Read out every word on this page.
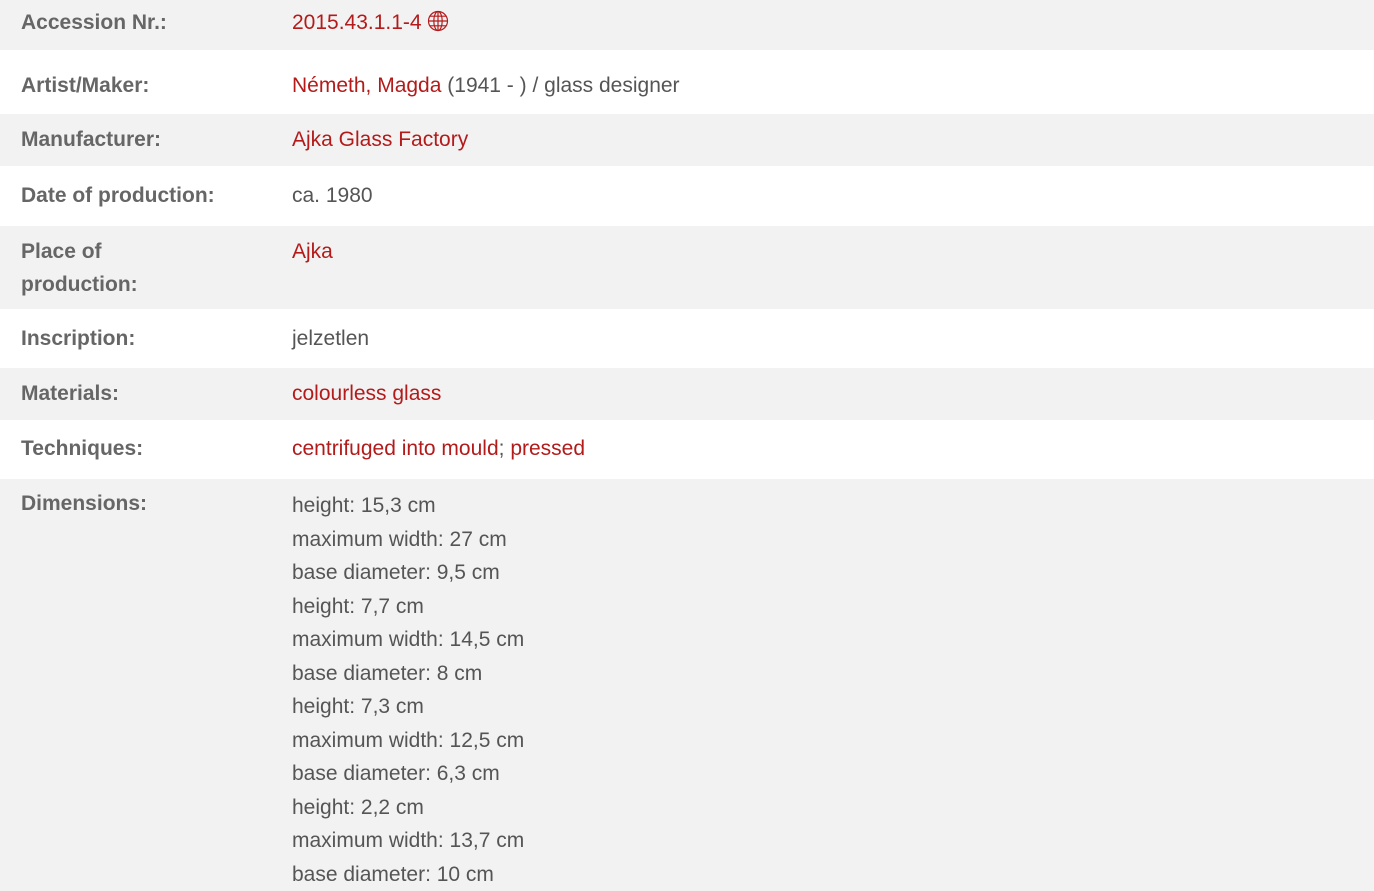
Accession Nr.:	2015.43.1.1-4
Artist/Maker:	Németh, Magda (1941 - ) / glass designer
Manufacturer:	Ajka Glass Factory
Date of production:	ca. 1980
Place of
production:
Ajka
Inscription:	jelzetlen
Materials:	colourless glass
Techniques:	centrifuged into mould; pressed
Dimensions:	height: 15,3 cm
maximum width: 27 cm
base diameter: 9,5 cm
height: 7,7 cm
maximum width: 14,5 cm
base diameter: 8 cm
height: 7,3 cm
maximum width: 12,5 cm
base diameter: 6,3 cm
height: 2,2 cm
maximum width: 13,7 cm
base diameter: 10 cm
